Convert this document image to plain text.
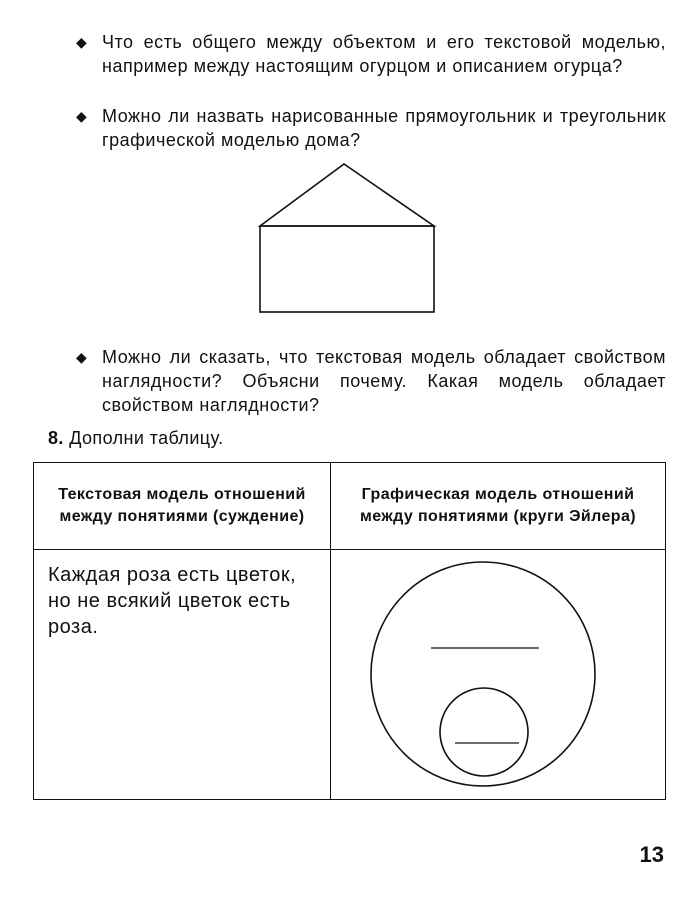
◆ Что есть общего между объектом и его текстовой моделью, например между настоящим огурцом и описанием огурца?

◆ Можно ли назвать нарисованные прямоугольник и треугольник графической моделью дома?

◆ Можно ли сказать, что текстовая модель обладает свойством наглядности? Объясни почему. Какая модель обладает свойством наглядности?

8. Дополни таблицу.
Текстовая модель отношений между понятиями (суждение)	Графическая модель отношений между понятиями (круги Эйлера)

Каждая роза есть цветок, но не всякий цветок есть роза.

13
